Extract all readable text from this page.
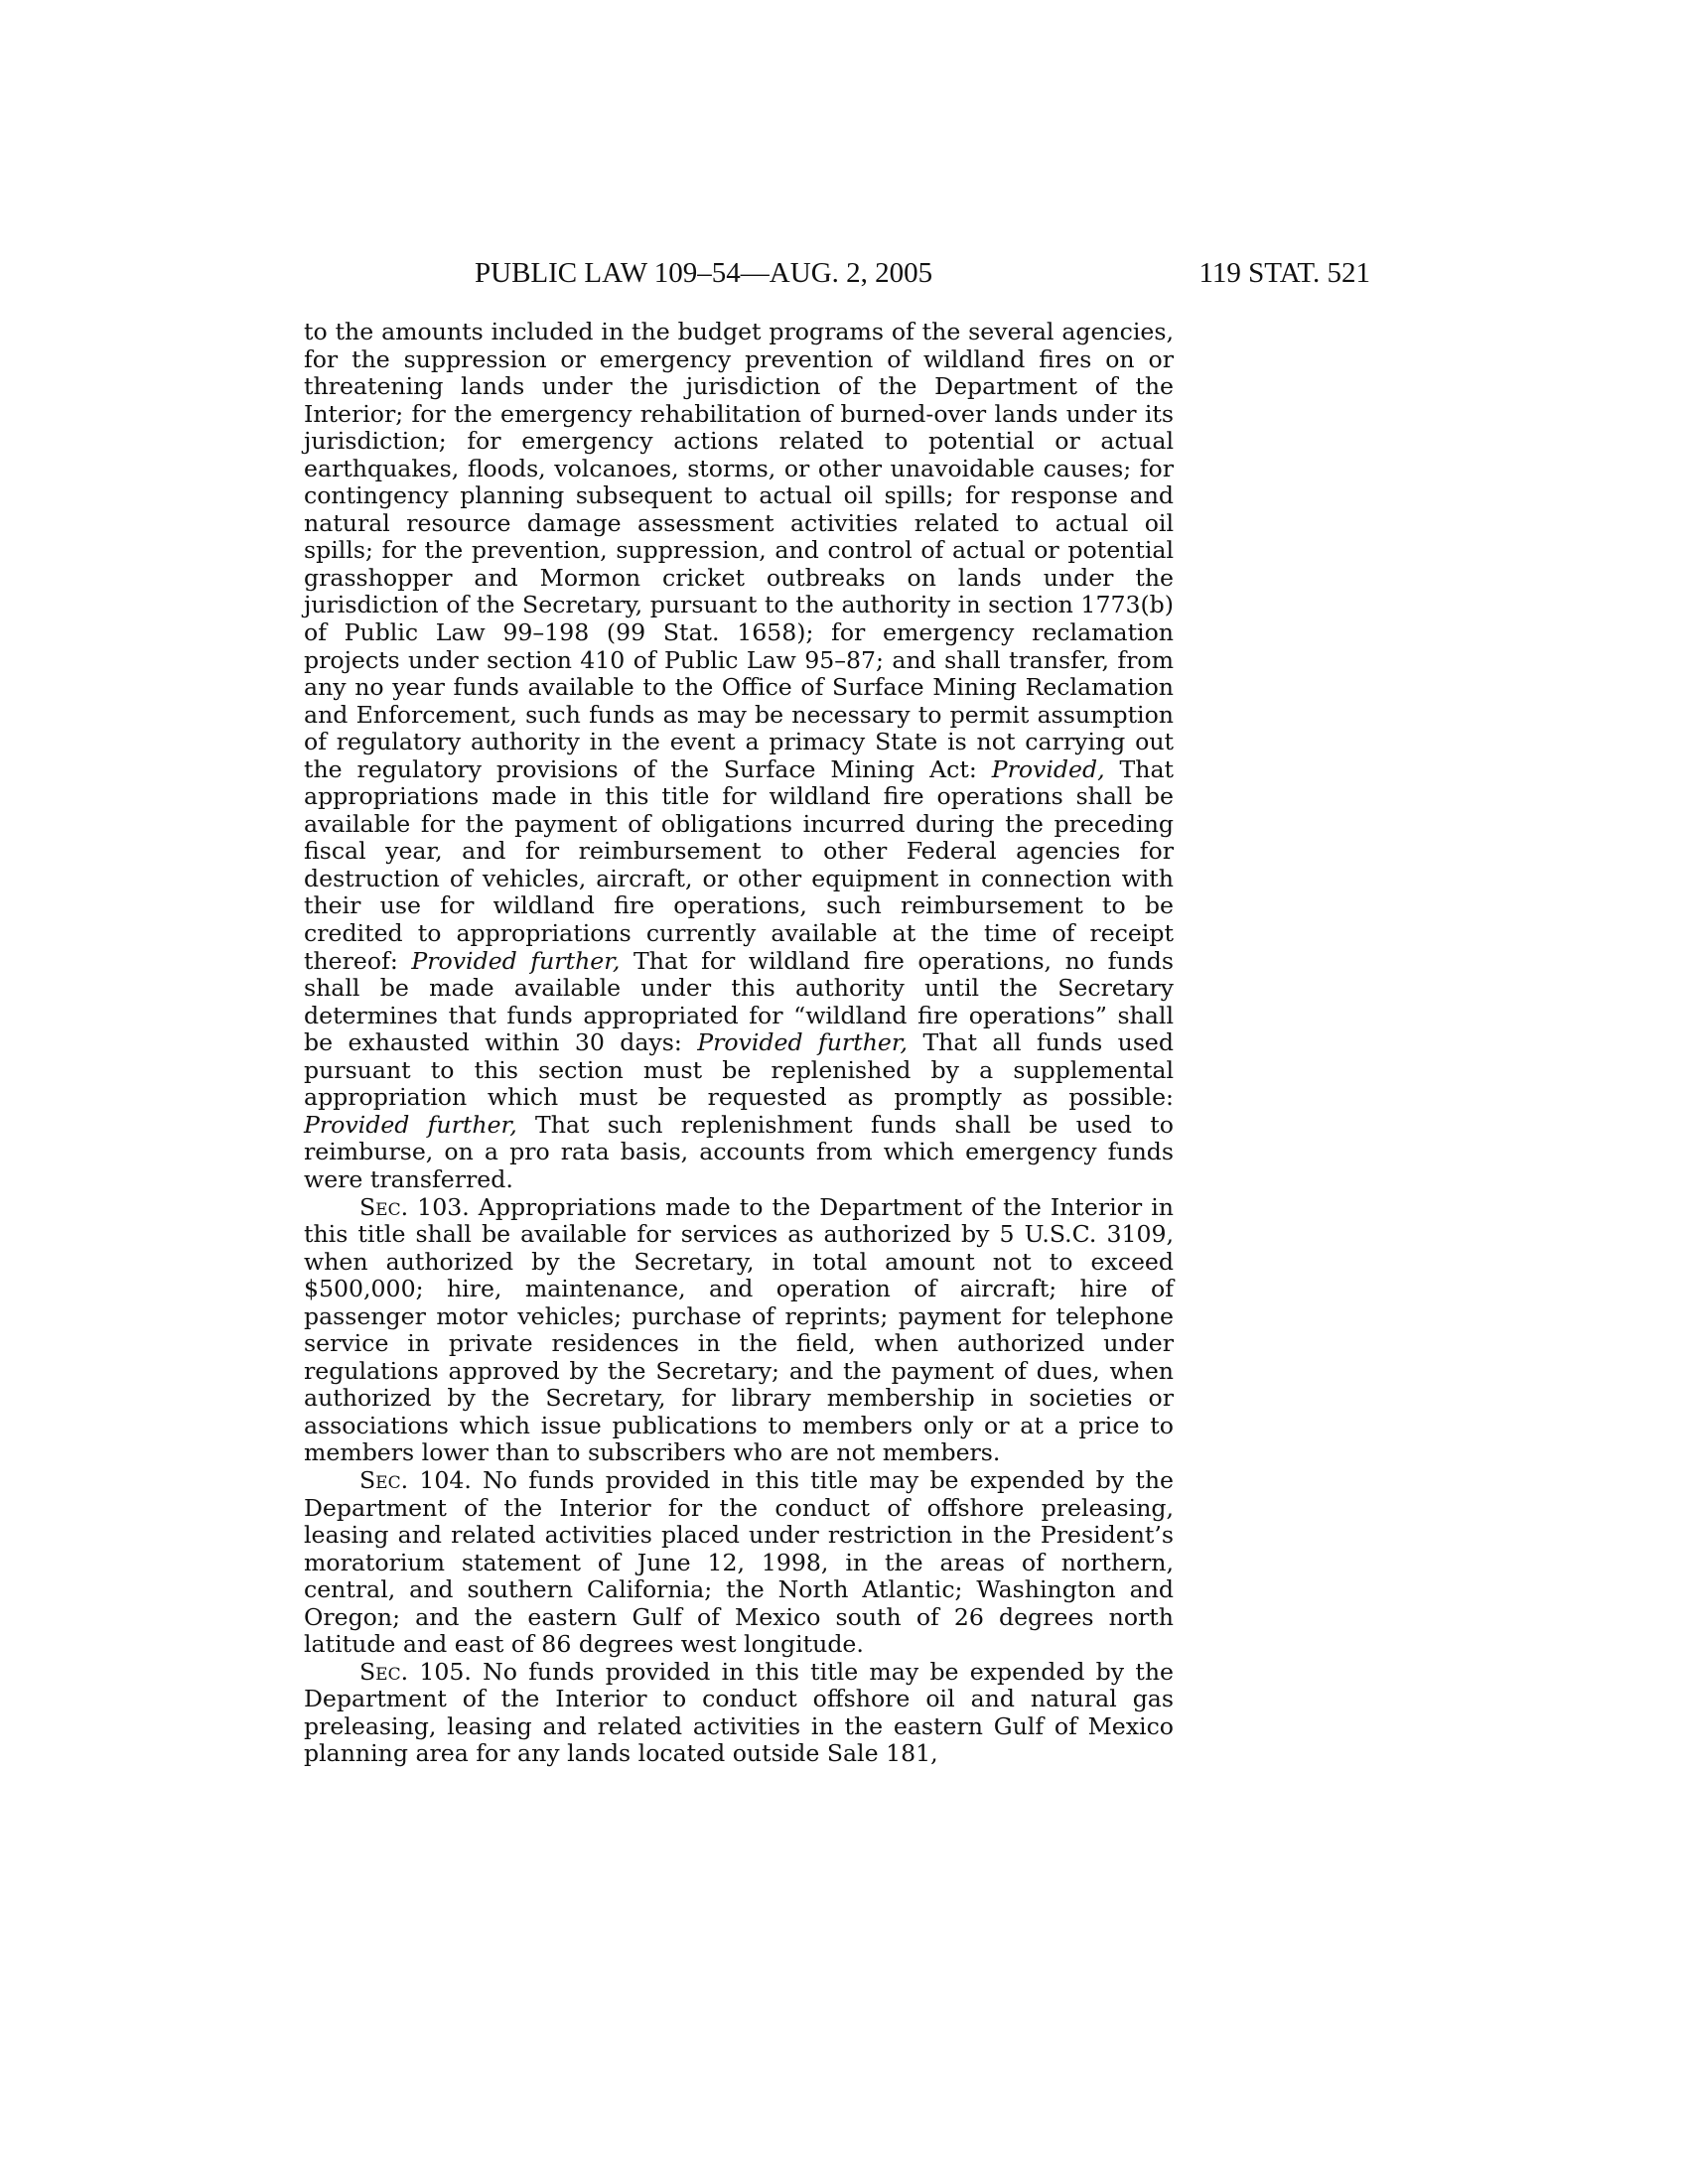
PUBLIC LAW 109–54—AUG. 2, 2005	119 STAT. 521

to the amounts included in the budget programs of the several agencies, for the suppression or emergency prevention of wildland fires on or threatening lands under the jurisdiction of the Department of the Interior; for the emergency rehabilitation of burned-over lands under its jurisdiction; for emergency actions related to potential or actual earthquakes, floods, volcanoes, storms, or other unavoidable causes; for contingency planning subsequent to actual oil spills; for response and natural resource damage assessment activities related to actual oil spills; for the prevention, suppression, and control of actual or potential grasshopper and Mormon cricket outbreaks on lands under the jurisdiction of the Secretary, pursuant to the authority in section 1773(b) of Public Law 99–198 (99 Stat. 1658); for emergency reclamation projects under section 410 of Public Law 95–87; and shall transfer, from any no year funds available to the Office of Surface Mining Reclamation and Enforcement, such funds as may be necessary to permit assumption of regulatory authority in the event a primacy State is not carrying out the regulatory provisions of the Surface Mining Act: Provided, That appropriations made in this title for wildland fire operations shall be available for the payment of obligations incurred during the preceding fiscal year, and for reimbursement to other Federal agencies for destruction of vehicles, aircraft, or other equipment in connection with their use for wildland fire operations, such reimbursement to be credited to appropriations currently available at the time of receipt thereof: Provided further, That for wildland fire operations, no funds shall be made available under this authority until the Secretary determines that funds appropriated for “wildland fire operations” shall be exhausted within 30 days: Provided further, That all funds used pursuant to this section must be replenished by a supplemental appropriation which must be requested as promptly as possible: Provided further, That such replenishment funds shall be used to reimburse, on a pro rata basis, accounts from which emergency funds were transferred.

Sec. 103. Appropriations made to the Department of the Interior in this title shall be available for services as authorized by 5 U.S.C. 3109, when authorized by the Secretary, in total amount not to exceed $500,000; hire, maintenance, and operation of aircraft; hire of passenger motor vehicles; purchase of reprints; payment for telephone service in private residences in the field, when authorized under regulations approved by the Secretary; and the payment of dues, when authorized by the Secretary, for library membership in societies or associations which issue publications to members only or at a price to members lower than to subscribers who are not members.

Sec. 104. No funds provided in this title may be expended by the Department of the Interior for the conduct of offshore preleasing, leasing and related activities placed under restriction in the President’s moratorium statement of June 12, 1998, in the areas of northern, central, and southern California; the North Atlantic; Washington and Oregon; and the eastern Gulf of Mexico south of 26 degrees north latitude and east of 86 degrees west longitude.

Sec. 105. No funds provided in this title may be expended by the Department of the Interior to conduct offshore oil and natural gas preleasing, leasing and related activities in the eastern Gulf of Mexico planning area for any lands located outside Sale 181,
